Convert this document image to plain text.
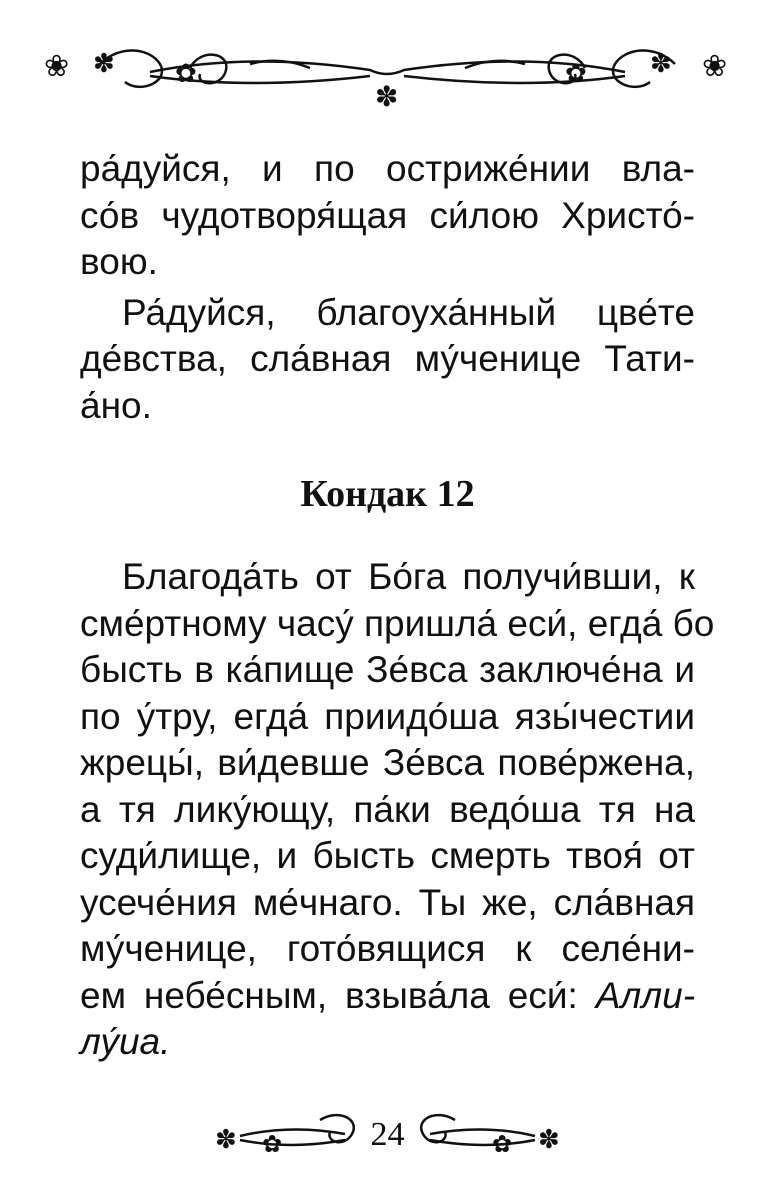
❀ ✽ ✿
✽
✿ ✽ ❀
ра́дуйся, и по остриже́нии вла-
со́в чудотворя́щая си́лою Христо́-
вою.
Ра́дуйся, благоуха́нный цве́те
де́вства, сла́вная му́ченице Тати-
а́но.
Кондак 12
Благода́ть от Бо́га получи́вши, к
сме́ртному часу́ пришла́ еси́, егда́ бо
бысть в ка́пище Зе́вса заключе́на и
по у́тру, егда́ приидо́ша язы́честии
жрецы́, ви́девше Зе́вса пове́ржена,
а тя лику́ющу, па́ки ведо́ша тя на
суди́лище, и бысть смерть твоя́ от
усече́ния ме́чнаго. Ты же, сла́вная
му́ченице, гото́вящися к селе́ни-
ем небе́сным, взыва́ла еси́: Алли-
лу́иа.
✽ ✿	✿ ✽
24
